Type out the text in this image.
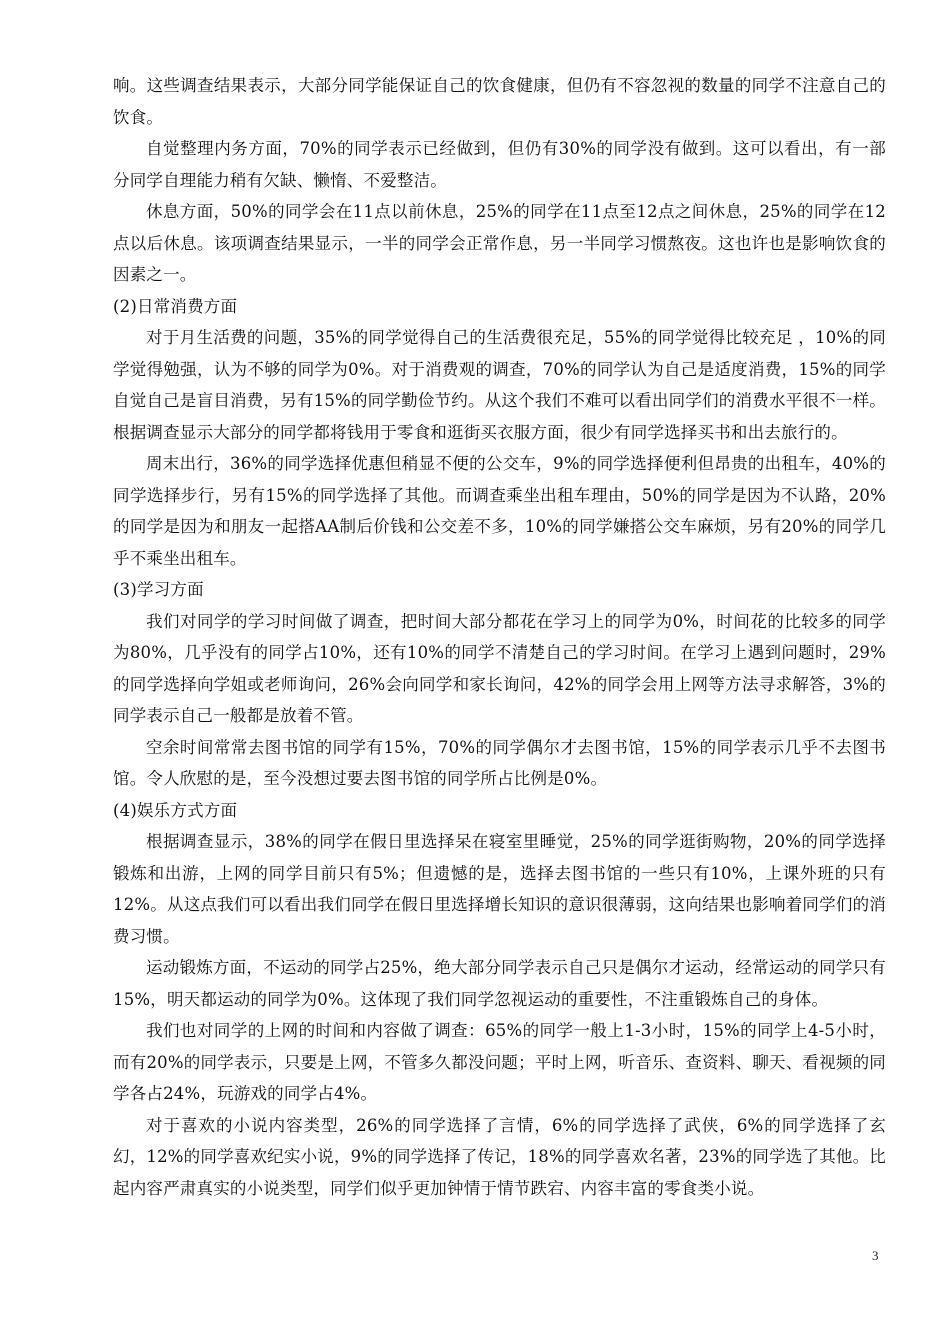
响。这些调查结果表示，大部分同学能保证自己的饮食健康，但仍有不容忽视的数量的同学不注意自己的饮食。

自觉整理内务方面，70%的同学表示已经做到，但仍有30%的同学没有做到。这可以看出，有一部分同学自理能力稍有欠缺、懒惰、不爱整洁。

休息方面，50%的同学会在11点以前休息，25%的同学在11点至12点之间休息，25%的同学在12点以后休息。该项调查结果显示，一半的同学会正常作息，另一半同学习惯熬夜。这也许也是影响饮食的因素之一。

(2)日常消费方面

对于月生活费的问题，35%的同学觉得自己的生活费很充足，55%的同学觉得比较充足 ，10%的同学觉得勉强，认为不够的同学为0%。对于消费观的调查，70%的同学认为自己是适度消费，15%的同学自觉自己是盲目消费，另有15%的同学勤俭节约。从这个我们不难可以看出同学们的消费水平很不一样。根据调查显示大部分的同学都将钱用于零食和逛街买衣服方面，很少有同学选择买书和出去旅行的。

周末出行，36%的同学选择优惠但稍显不便的公交车，9%的同学选择便利但昂贵的出租车，40%的同学选择步行，另有15%的同学选择了其他。而调查乘坐出租车理由，50%的同学是因为不认路，20%的同学是因为和朋友一起搭AA制后价钱和公交差不多，10%的同学嫌搭公交车麻烦，另有20%的同学几乎不乘坐出租车。

(3)学习方面

我们对同学的学习时间做了调查，把时间大部分都花在学习上的同学为0%，时间花的比较多的同学为80%，几乎没有的同学占10%，还有10%的同学不清楚自己的学习时间。在学习上遇到问题时，29%的同学选择向学姐或老师询问，26%会向同学和家长询问，42%的同学会用上网等方法寻求解答，3%的同学表示自己一般都是放着不管。

空余时间常常去图书馆的同学有15%，70%的同学偶尔才去图书馆，15%的同学表示几乎不去图书馆。令人欣慰的是，至今没想过要去图书馆的同学所占比例是0%。

(4)娱乐方式方面

根据调查显示，38%的同学在假日里选择呆在寝室里睡觉，25%的同学逛街购物，20%的同学选择锻炼和出游，上网的同学目前只有5%；但遗憾的是，选择去图书馆的一些只有10%，上课外班的只有12%。从这点我们可以看出我们同学在假日里选择增长知识的意识很薄弱，这向结果也影响着同学们的消费习惯。

运动锻炼方面，不运动的同学占25%，绝大部分同学表示自己只是偶尔才运动，经常运动的同学只有15%，明天都运动的同学为0%。这体现了我们同学忽视运动的重要性，不注重锻炼自己的身体。

我们也对同学的上网的时间和内容做了调查：65%的同学一般上1-3小时，15%的同学上4-5小时，而有20%的同学表示，只要是上网，不管多久都没问题；平时上网，听音乐、查资料、聊天、看视频的同学各占24%，玩游戏的同学占4%。

对于喜欢的小说内容类型，26%的同学选择了言情，6%的同学选择了武侠，6%的同学选择了玄幻，12%的同学喜欢纪实小说，9%的同学选择了传记，18%的同学喜欢名著，23%的同学选了其他。比起内容严肃真实的小说类型，同学们似乎更加钟情于情节跌宕、内容丰富的零食类小说。

3
